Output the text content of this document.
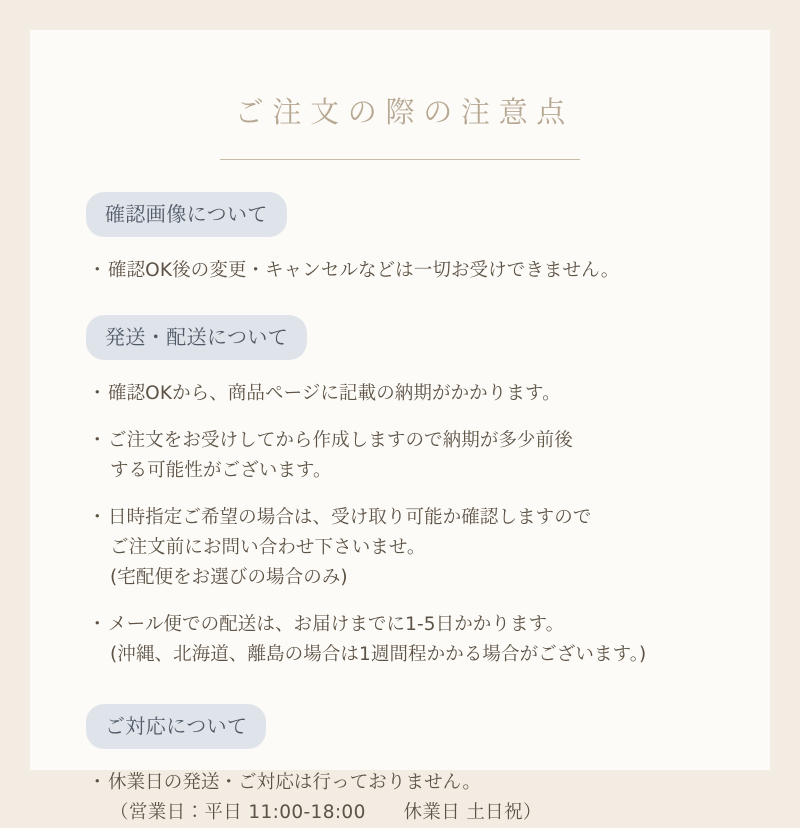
ご注文の際の注意点
確認画像について
・ 確認OK後の変更・キャンセルなどは一切お受けできません。
発送・配送について
・ 確認OKから、商品ページに記載の納期がかかります。
・ ご注文をお受けしてから作成しますので納期が多少前後
する可能性がございます。
・ 日時指定ご希望の場合は、受け取り可能か確認しますので
ご注文前にお問い合わせ下さいませ。
(宅配便をお選びの場合のみ)
・ メール便での配送は、お届けまでに1-5日かかります。
(沖縄、北海道、離島の場合は1週間程かかる場合がございます。)
ご対応について
・ 休業日の発送・ご対応は行っておりません。
（営業日：平日 11:00-18:00　　休業日 土日祝）
